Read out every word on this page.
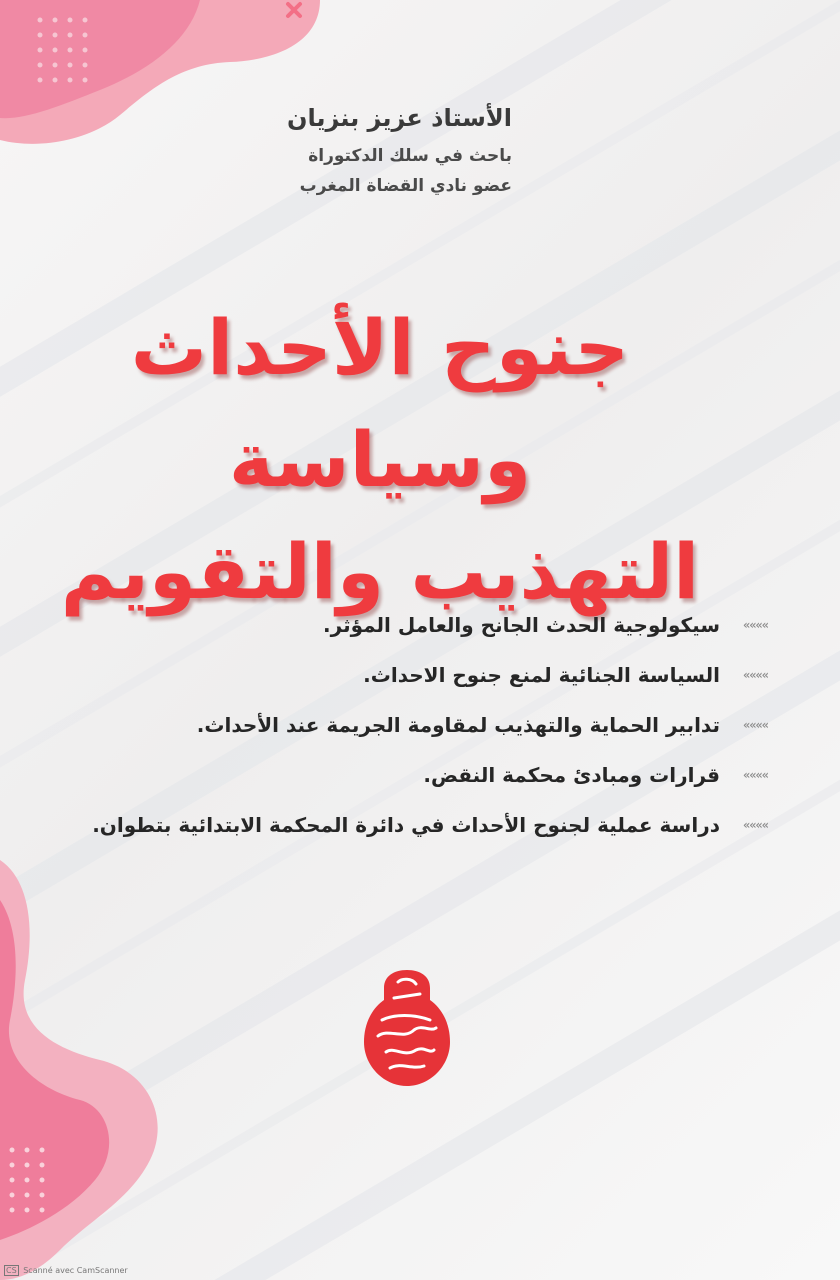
الأستاذ عزيز بنزيان

باحث في سلك الدكتوراة

عضو نادي القضاة المغرب

جنوح الأحداث وسياسة

التهذيب والتقويم

»»»»
سيكولوجية الحدث الجانح والعامل المؤثر.
»»»»
السياسة الجنائية لمنع جنوح الاحداث.
»»»»
تدابير الحماية والتهذيب لمقاومة الجريمة عند الأحداث.
»»»»
قرارات ومبادئ محكمة النقض.
»»»»
دراسة عملية لجنوح الأحداث في دائرة المحكمة الابتدائية بتطوان.
CS Scanné avec CamScanner
